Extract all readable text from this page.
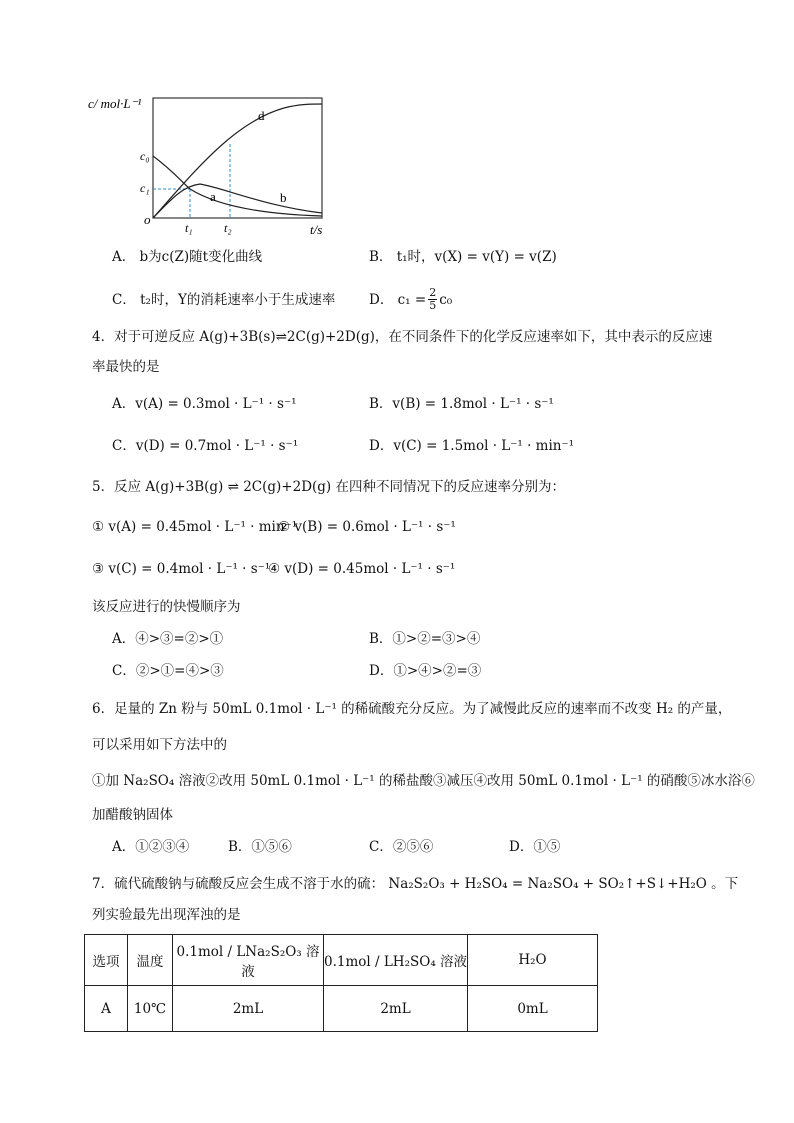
c/ mol·L⁻¹
t/s
o
c₀
c₁
t₁	t₂
a	b
d
A． b为c(Z)随t变化曲线	B． t₁时，v(X) = v(Y) = v(Z)
C． t₂时，Y的消耗速率小于生成速率 D． $c_1 = \frac{2}{5} c_0$
4．对于可逆反应 A(g)+3B(s)⇌2C(g)+2D(g)，在不同条件下的化学反应速率如下，其中表示的反应速
率最快的是
A．v(A) = 0.3mol · L⁻¹ · s⁻¹	B．v(B) = 1.8mol · L⁻¹ · s⁻¹
C．v(D) = 0.7mol · L⁻¹ · s⁻¹	D．v(C) = 1.5mol · L⁻¹ · min⁻¹
5．反应 A(g)+3B(g) ⇌ 2C(g)+2D(g) 在四种不同情况下的反应速率分别为：
① v(A) = 0.45mol · L⁻¹ · min⁻¹
② v(B) = 0.6mol · L⁻¹ · s⁻¹
③ v(C) = 0.4mol · L⁻¹ · s⁻¹
④ v(D) = 0.45mol · L⁻¹ · s⁻¹
该反应进行的快慢顺序为
A．④>③=②>①	B．①>②=③>④
C．②>①=④>③	D．①>④>②=③
6．足量的 Zn 粉与 50mL 0.1mol · L⁻¹ 的稀硫酸充分反应。为了减慢此反应的速率而不改变 H₂ 的产量，
可以采用如下方法中的
①加 Na₂SO₄ 溶液②改用 50mL 0.1mol · L⁻¹ 的稀盐酸③减压④改用 50mL 0.1mol · L⁻¹ 的硝酸⑤冰水浴⑥
加醋酸钠固体
A．①②③④	B．①⑤⑥	C．②⑤⑥	D．①⑤
7．硫代硫酸钠与硫酸反应会生成不溶于水的硫： Na₂S₂O₃ + H₂SO₄ = Na₂SO₄ + SO₂↑+S↓+H₂O 。下
列实验最先出现浑浊的是
选项	温度	0.1mol / LNa₂S₂O₃ 溶液	0.1mol / LH₂SO₄ 溶液	H₂O
A	10℃	2mL	2mL	0mL
